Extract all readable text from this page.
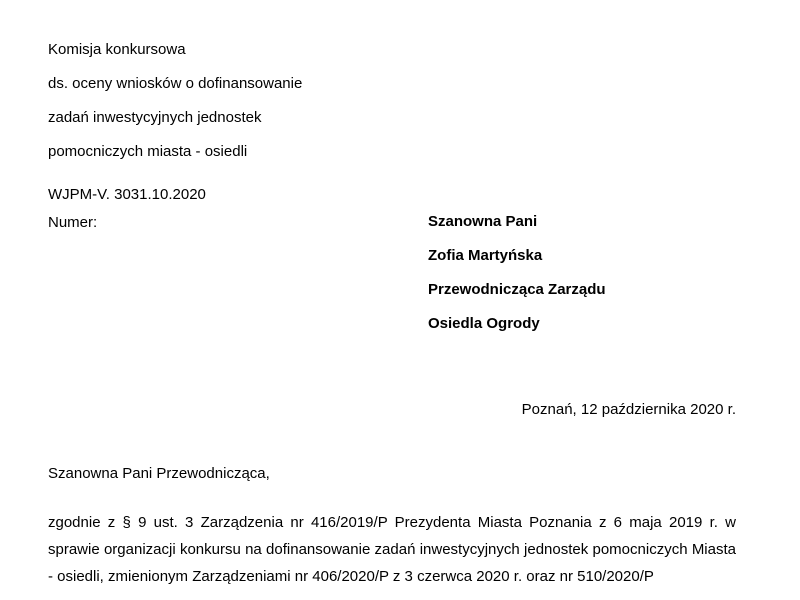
Komisja konkursowa
ds. oceny wniosków o dofinansowanie
zadań inwestycyjnych jednostek
pomocniczych miasta - osiedli
WJPM-V. 3031.10.2020
Numer:	Szanowna Pani
Zofia Martyńska
Przewodnicząca Zarządu
Osiedla Ogrody
Poznań, 12 października 2020 r.
Szanowna Pani Przewodnicząca,
zgodnie z § 9 ust. 3 Zarządzenia nr 416/2019/P Prezydenta Miasta Poznania z 6 maja 2019 r. w sprawie organizacji konkursu na dofinansowanie zadań inwestycyjnych jednostek pomocniczych Miasta - osiedli, zmienionym Zarządzeniami nr 406/2020/P z 3 czerwca 2020 r. oraz nr 510/2020/P
